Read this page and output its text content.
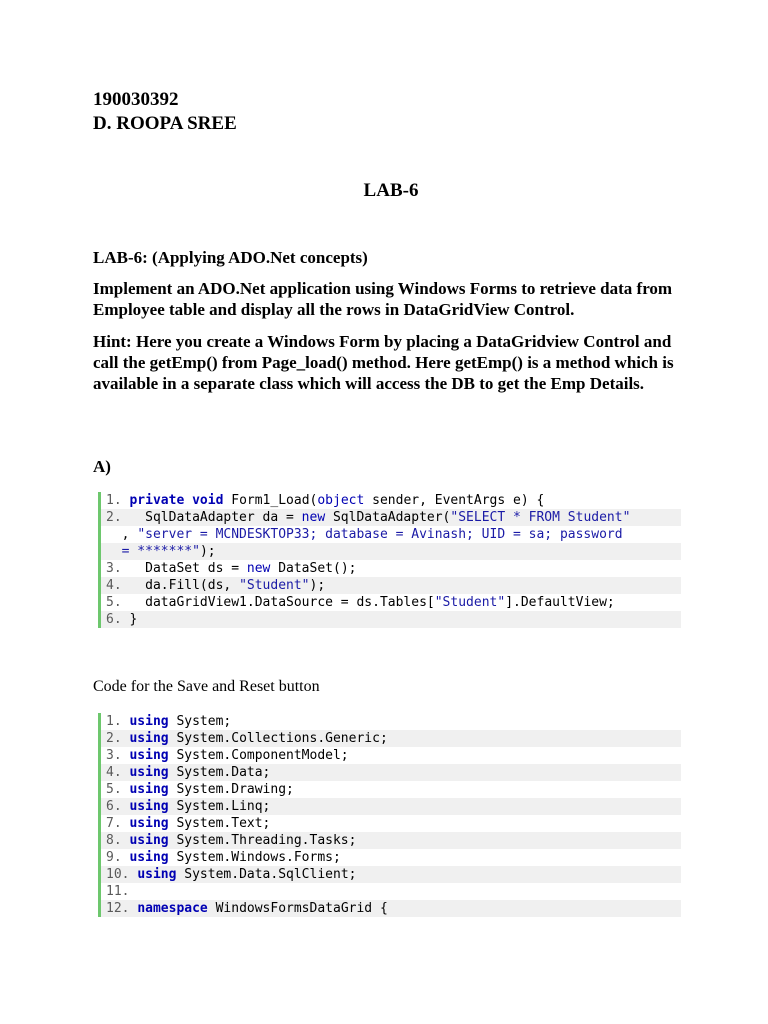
190030392
D. ROOPA SREE
LAB-6
LAB-6: (Applying ADO.Net concepts)
Implement an ADO.Net application using Windows Forms to retrieve data from Employee table and display all the rows in DataGridView Control.
Hint: Here you create a Windows Form by placing a DataGridview Control and call the getEmp() from Page_load() method. Here getEmp() is a method which is available in a separate class which will access the DB to get the Emp Details.
A)
1. private void Form1_Load(object sender, EventArgs e) {
2.   SqlDataAdapter da = new SqlDataAdapter("SELECT * FROM Student"
, "server = MCNDESKTOP33; database = Avinash; UID = sa; password
= *******");
3.   DataSet ds = new DataSet();
4.   da.Fill(ds, "Student");
5.   dataGridView1.DataSource = ds.Tables["Student"].DefaultView;
6. }
Code for the Save and Reset button
1. using System;
2. using System.Collections.Generic;
3. using System.ComponentModel;
4. using System.Data;
5. using System.Drawing;
6. using System.Linq;
7. using System.Text;
8. using System.Threading.Tasks;
9. using System.Windows.Forms;
10. using System.Data.SqlClient;
11.
12. namespace WindowsFormsDataGrid {
